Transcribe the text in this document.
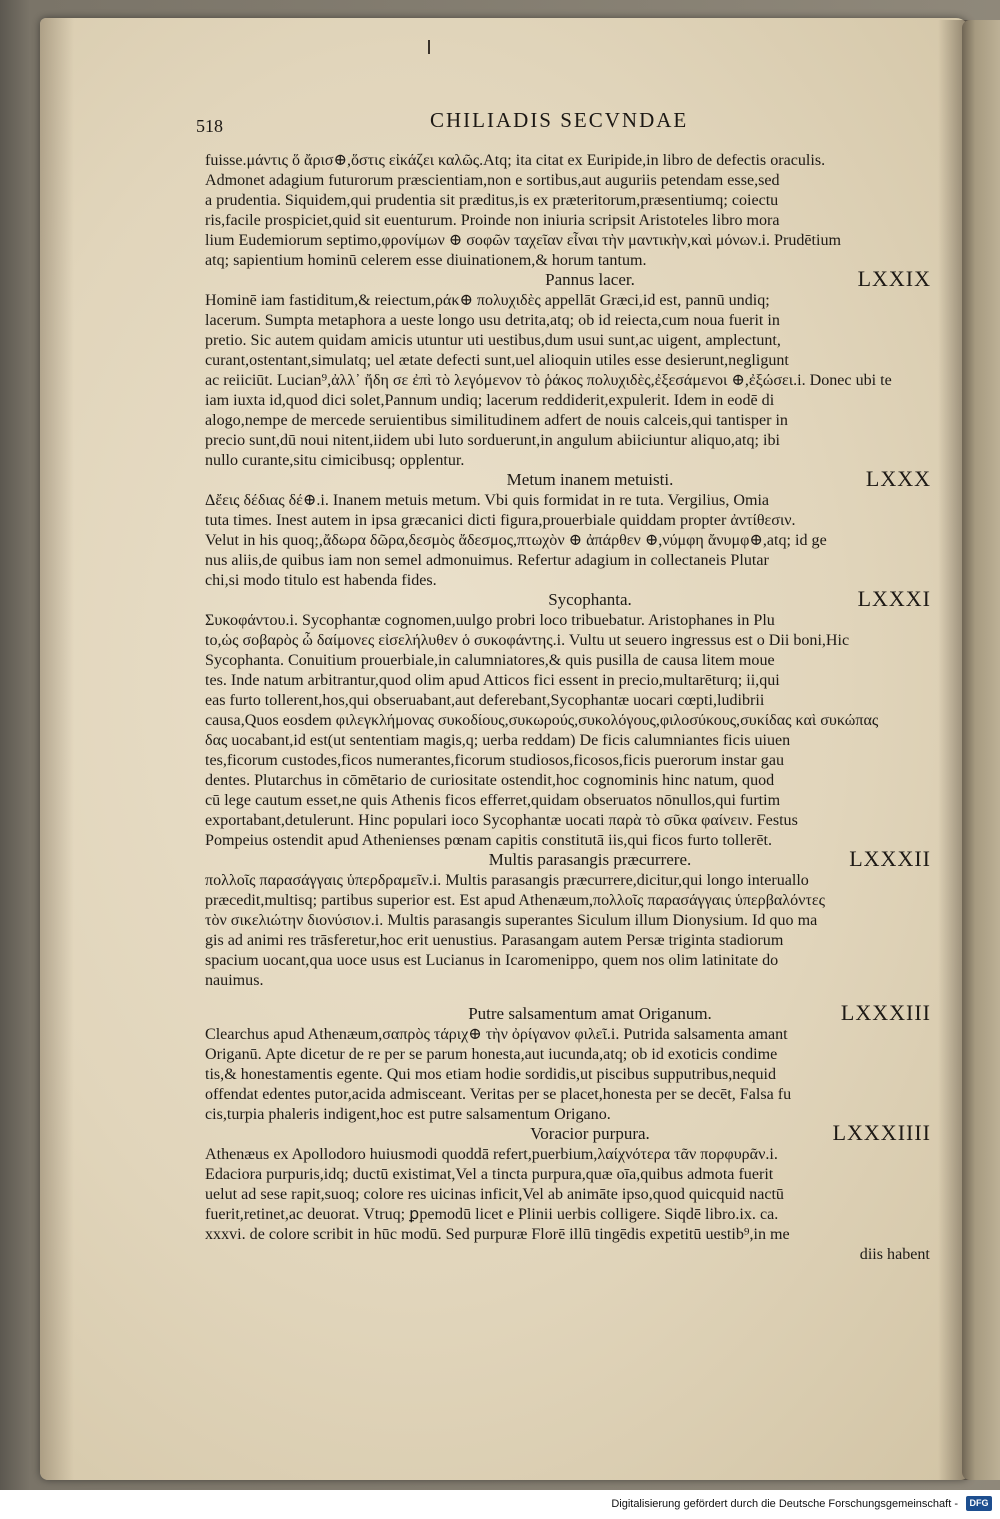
518	CHILIADIS SECVNDAE

fuisse.μάντις ὅ ἄρισ⊕,ὅστις εἰκάζει καλῶς.Atq; ita citat ex Euripide,in libro de defectis oraculis.
Admonet adagium futurorum præscientiam,non e sortibus,aut auguriis petendam esse,sed
a prudentia. Siquidem,qui prudentia sit præditus,is ex præteritorum,præsentiumq; coiectu
ris,facile prospiciet,quid sit euenturum. Proinde non iniuria scripsit Aristoteles libro mora
lium Eudemiorum septimo,φρονίμων ⊕ σοφῶν ταχεῖαν εἶναι τὴν μαντικὴν,καὶ μόνων.i. Prudētium
atq; sapientium hominū celerem esse diuinationem,& horum tantum.

Pannus lacer.	LXXIX

Hominē iam fastiditum,& reiectum,ράκ⊕ πολυχιδὲς appellāt Græci,id est, pannū undiq;
lacerum. Sumpta metaphora a ueste longo usu detrita,atq; ob id reiecta,cum noua fuerit in
pretio. Sic autem quidam amicis utuntur uti uestibus,dum usui sunt,ac uigent, amplectunt,
curant,ostentant,simulatq; uel ætate defecti sunt,uel alioquin utiles esse desierunt,negligunt
ac reiiciūt. Lucian⁹,ἀλλ᾽ ἤδη σε ἐπὶ τὸ λεγόμενον τὸ ῥάκος πολυχιδὲς,ἐξεσάμενοι ⊕,ἐξώσει.i. Donec ubi te
iam iuxta id,quod dici solet,Pannum undiq; lacerum reddiderit,expulerit. Idem in eodē di
alogo,nempe de mercede seruientibus similitudinem adfert de nouis calceis,qui tantisper in
precio sunt,dū noui nitent,iidem ubi luto sorduerunt,in angulum abiiciuntur aliquo,atq; ibi
nullo curante,situ cimicibusq; opplentur.

Metum inanem metuisti.	LXXX

Δἔεις δέδιας δέ⊕.i. Inanem metuis metum. Vbi quis formidat in re tuta. Vergilius, Omia
tuta times. Inest autem in ipsa græcanici dicti figura,prouerbiale quiddam propter ἀντίθεσιν.
Velut in his quoq;,ἄδωρα δῶρα,δεσμὸς ἄδεσμος,πτωχὸν ⊕ ἀπάρθεν ⊕,νύμφη ἄνυμφ⊕,atq; id ge
nus aliis,de quibus iam non semel admonuimus. Refertur adagium in collectaneis Plutar
chi,si modo titulo est habenda fides.

Sycophanta.	LXXXI

Συκοφάντου.i. Sycophantæ cognomen,uulgo probri loco tribuebatur. Aristophanes in Plu
to,ὡς σοβαρὸς ὦ δαίμονες εἰσελήλυθεν ὁ συκοφάντης.i. Vultu ut seuero ingressus est o Dii boni,Hic
Sycophanta. Conuitium prouerbiale,in calumniatores,& quis pusilla de causa litem moue
tes. Inde natum arbitrantur,quod olim apud Atticos fici essent in precio,multarēturq; ii,qui
eas furto tollerent,hos,qui obseruabant,aut deferebant,Sycophantæ uocari cœpti,ludibrii
causa,Quos eosdem φιλεγκλήμονας συκοδίους,συκωρούς,συκολόγους,φιλοσύκους,συκίδας καὶ συκώπας
δας uocabant,id est(ut sententiam magis,q; uerba reddam) De ficis calumniantes ficis uiuen
tes,ficorum custodes,ficos numerantes,ficorum studiosos,ficosos,ficis puerorum instar gau
dentes. Plutarchus in cōmētario de curiositate ostendit,hoc cognominis hinc natum, quod
cū lege cautum esset,ne quis Athenis ficos efferret,quidam obseruatos nōnullos,qui furtim
exportabant,detulerunt. Hinc populari ioco Sycophantæ uocati παρὰ τὸ σῦκα φαίνειν. Festus
Pompeius ostendit apud Athenienses pœnam capitis constitutā iis,qui ficos furto tollerēt.

Multis parasangis præcurrere.	LXXXII

πολλοῖς παρασάγγαις ὑπερδραμεῖν.i. Multis parasangis præcurrere,dicitur,qui longo interuallo
præcedit,multisq; partibus superior est. Est apud Athenæum,πολλοῖς παρασάγγαις ὑπερβαλόντες
τὸν σικελιώτην διονύσιον.i. Multis parasangis superantes Siculum illum Dionysium. Id quo ma
gis ad animi res trāsferetur,hoc erit uenustius. Parasangam autem Persæ triginta stadiorum
spacium uocant,qua uoce usus est Lucianus in Icaromenippo, quem nos olim latinitate do
nauimus.

Putre salsamentum amat Origanum.	LXXXIII

Clearchus apud Athenæum,σαπρὸς τάριχ⊕ τὴν ὀρίγανον φιλεῖ.i. Putrida salsamenta amant
Origanū. Apte dicetur de re per se parum honesta,aut iucunda,atq; ob id exoticis condime
tis,& honestamentis egente. Qui mos etiam hodie sordidis,ut piscibus supputribus,nequid
offendat edentes putor,acida admisceant. Veritas per se placet,honesta per se decēt, Falsa fu
cis,turpia phaleris indigent,hoc est putre salsamentum Origano.

Voracior purpura.	LXXXIIII

Athenæus ex Apollodoro huiusmodi quoddā refert,puerbium,λαίχνότερα τᾶν πορφυρᾶν.i.
Edaciora purpuris,idq; ductū existimat,Vel a tincta purpura,quæ oīa,quibus admota fuerit
uelut ad sese rapit,suoq; colore res uicinas inficit,Vel ab animāte ipso,quod quicquid nactū
fuerit,retinet,ac deuorat. Vtruq; ꝑpemodū licet e Plinii uerbis colligere. Siqdē libro.ix. ca.
xxxvi. de colore scribit in hūc modū. Sed purpuræ Florē illū tingēdis expetitū uestib⁹,in me
diis habent

Digitalisierung gefördert durch die Deutsche Forschungsgemeinschaft -	DFG
